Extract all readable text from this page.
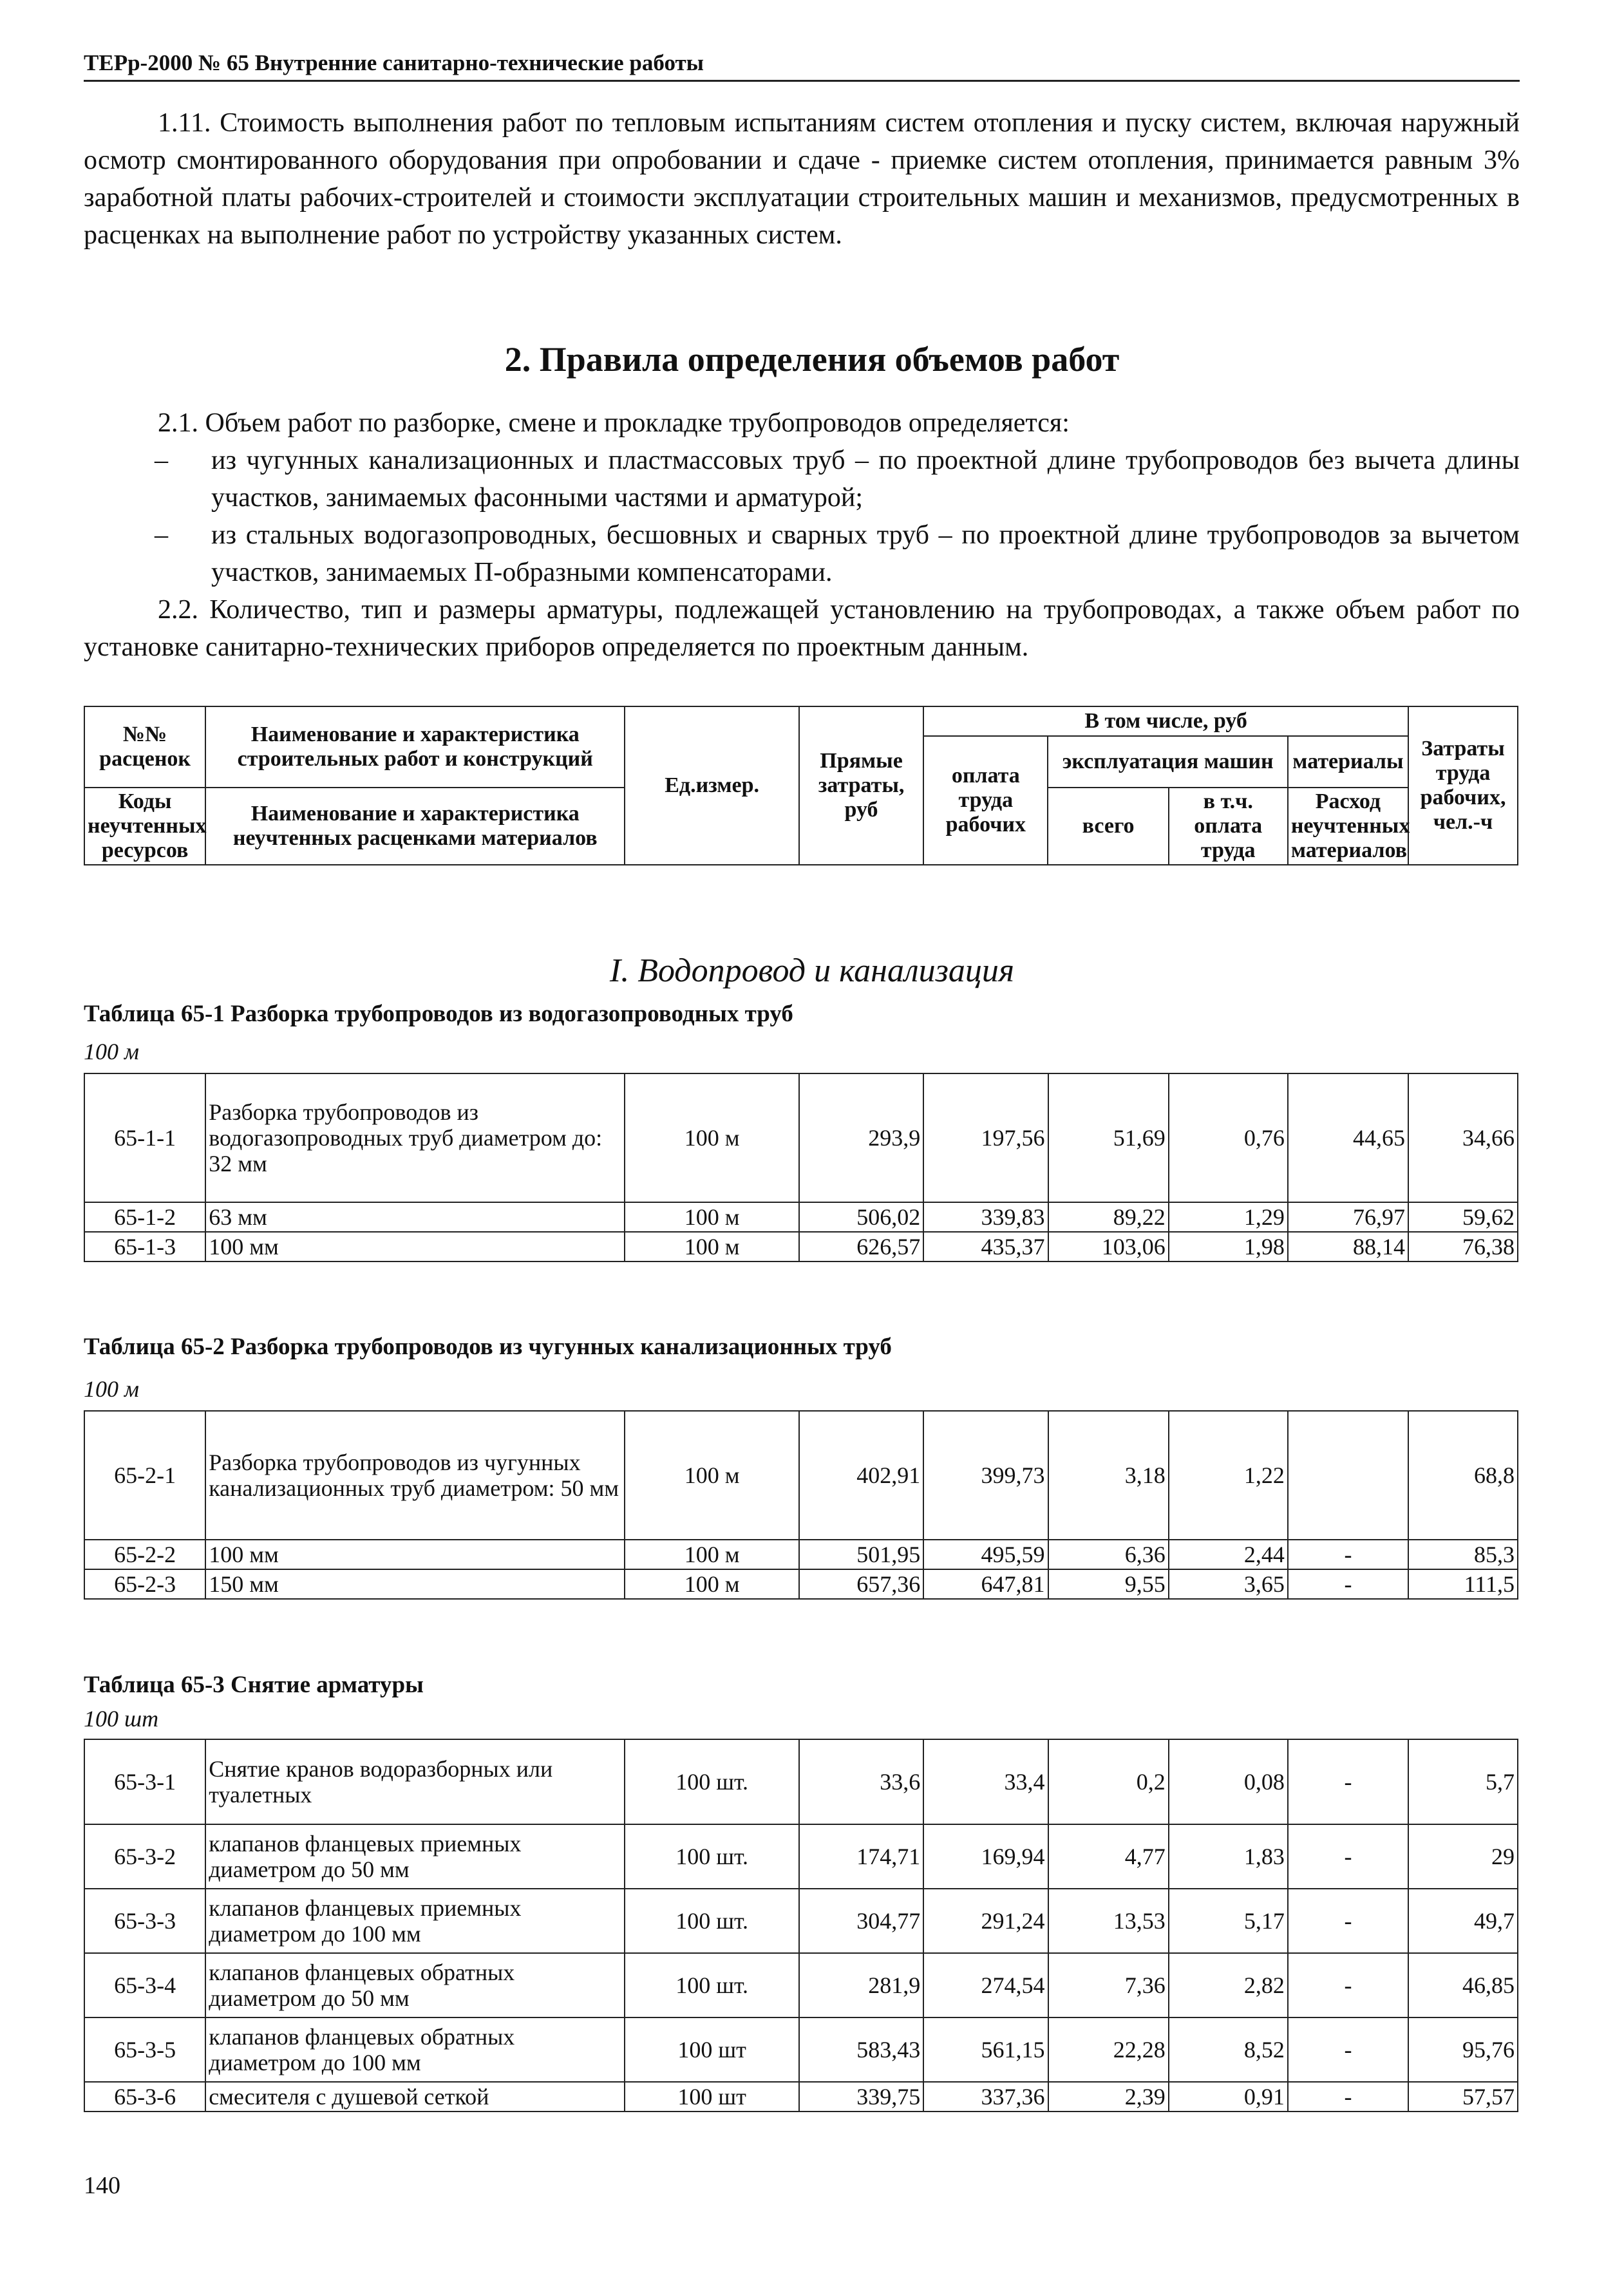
ТЕРр-2000 № 65 Внутренние санитарно-технические работы

1.11. Стоимость выполнения работ по тепловым испытаниям систем отопления и пуску систем, включая наружный осмотр смонтированного оборудования при опробовании и сдаче - приемке систем отопления, принимается равным 3% заработной платы рабочих-строителей и стоимости эксплуатации строительных машин и механизмов, предусмотренных в расценках на выполнение работ по устройству указанных систем.

2. Правила определения объемов работ

2.1. Объем работ по разборке, смене и прокладке трубопроводов определяется:

– из чугунных канализационных и пластмассовых труб – по проектной длине трубопроводов без вычета длины участков, занимаемых фасонными частями и арматурой;
– из стальных водогазопроводных, бесшовных и сварных труб – по проектной длине трубопроводов за вычетом участков, занимаемых П-образными компенсаторами.

2.2. Количество, тип и размеры арматуры, подлежащей установлению на трубопроводах, а также объем работ по установке санитарно-технических приборов определяется по проектным данным.

№№ расценок	Наименование и характеристика строительных работ и конструкций	Ед.измер.	Прямые затраты, руб	В том числе, руб				Затраты труда рабочих, чел.-ч
				оплата труда рабочих	эксплуатация машин		материалы	

Коды неучтенных ресурсов	Наименование и характеристика неучтенных расценками материалов				всего	в т.ч. оплата труда	Расход неучтенных материалов	

I. Водопровод и канализация
Таблица 65-1 Разборка трубопроводов из водогазопроводных труб
100 м
65-1-1	Разборка трубопроводов из водогазопроводных труб диаметром до: 32 мм	100 м	293,9	197,56	51,69	0,76	44,65	34,66
65-1-2	63 мм	100 м	506,02	339,83	89,22	1,29	76,97	59,62
65-1-3	100 мм	100 м	626,57	435,37	103,06	1,98	88,14	76,38
Таблица 65-2 Разборка трубопроводов из чугунных канализационных труб
100 м
65-2-1	Разборка трубопроводов из чугунных канализационных труб диаметром: 50 мм	100 м	402,91	399,73	3,18	1,22		68,8
65-2-2	100 мм	100 м	501,95	495,59	6,36	2,44	-	85,3
65-2-3	150 мм	100 м	657,36	647,81	9,55	3,65	-	111,5
Таблица 65-3 Снятие арматуры
100 шт
65-3-1	Снятие кранов водоразборных или туалетных	100 шт.	33,6	33,4	0,2	0,08	-	5,7
65-3-2	клапанов фланцевых приемных диаметром до 50 мм	100 шт.	174,71	169,94	4,77	1,83	-	29
65-3-3	клапанов фланцевых приемных диаметром до 100 мм	100 шт.	304,77	291,24	13,53	5,17	-	49,7
65-3-4	клапанов фланцевых обратных диаметром до 50 мм	100 шт.	281,9	274,54	7,36	2,82	-	46,85
65-3-5	клапанов фланцевых обратных диаметром до 100 мм	100 шт	583,43	561,15	22,28	8,52	-	95,76
65-3-6	смесителя с душевой сеткой	100 шт	339,75	337,36	2,39	0,91	-	57,57
140
